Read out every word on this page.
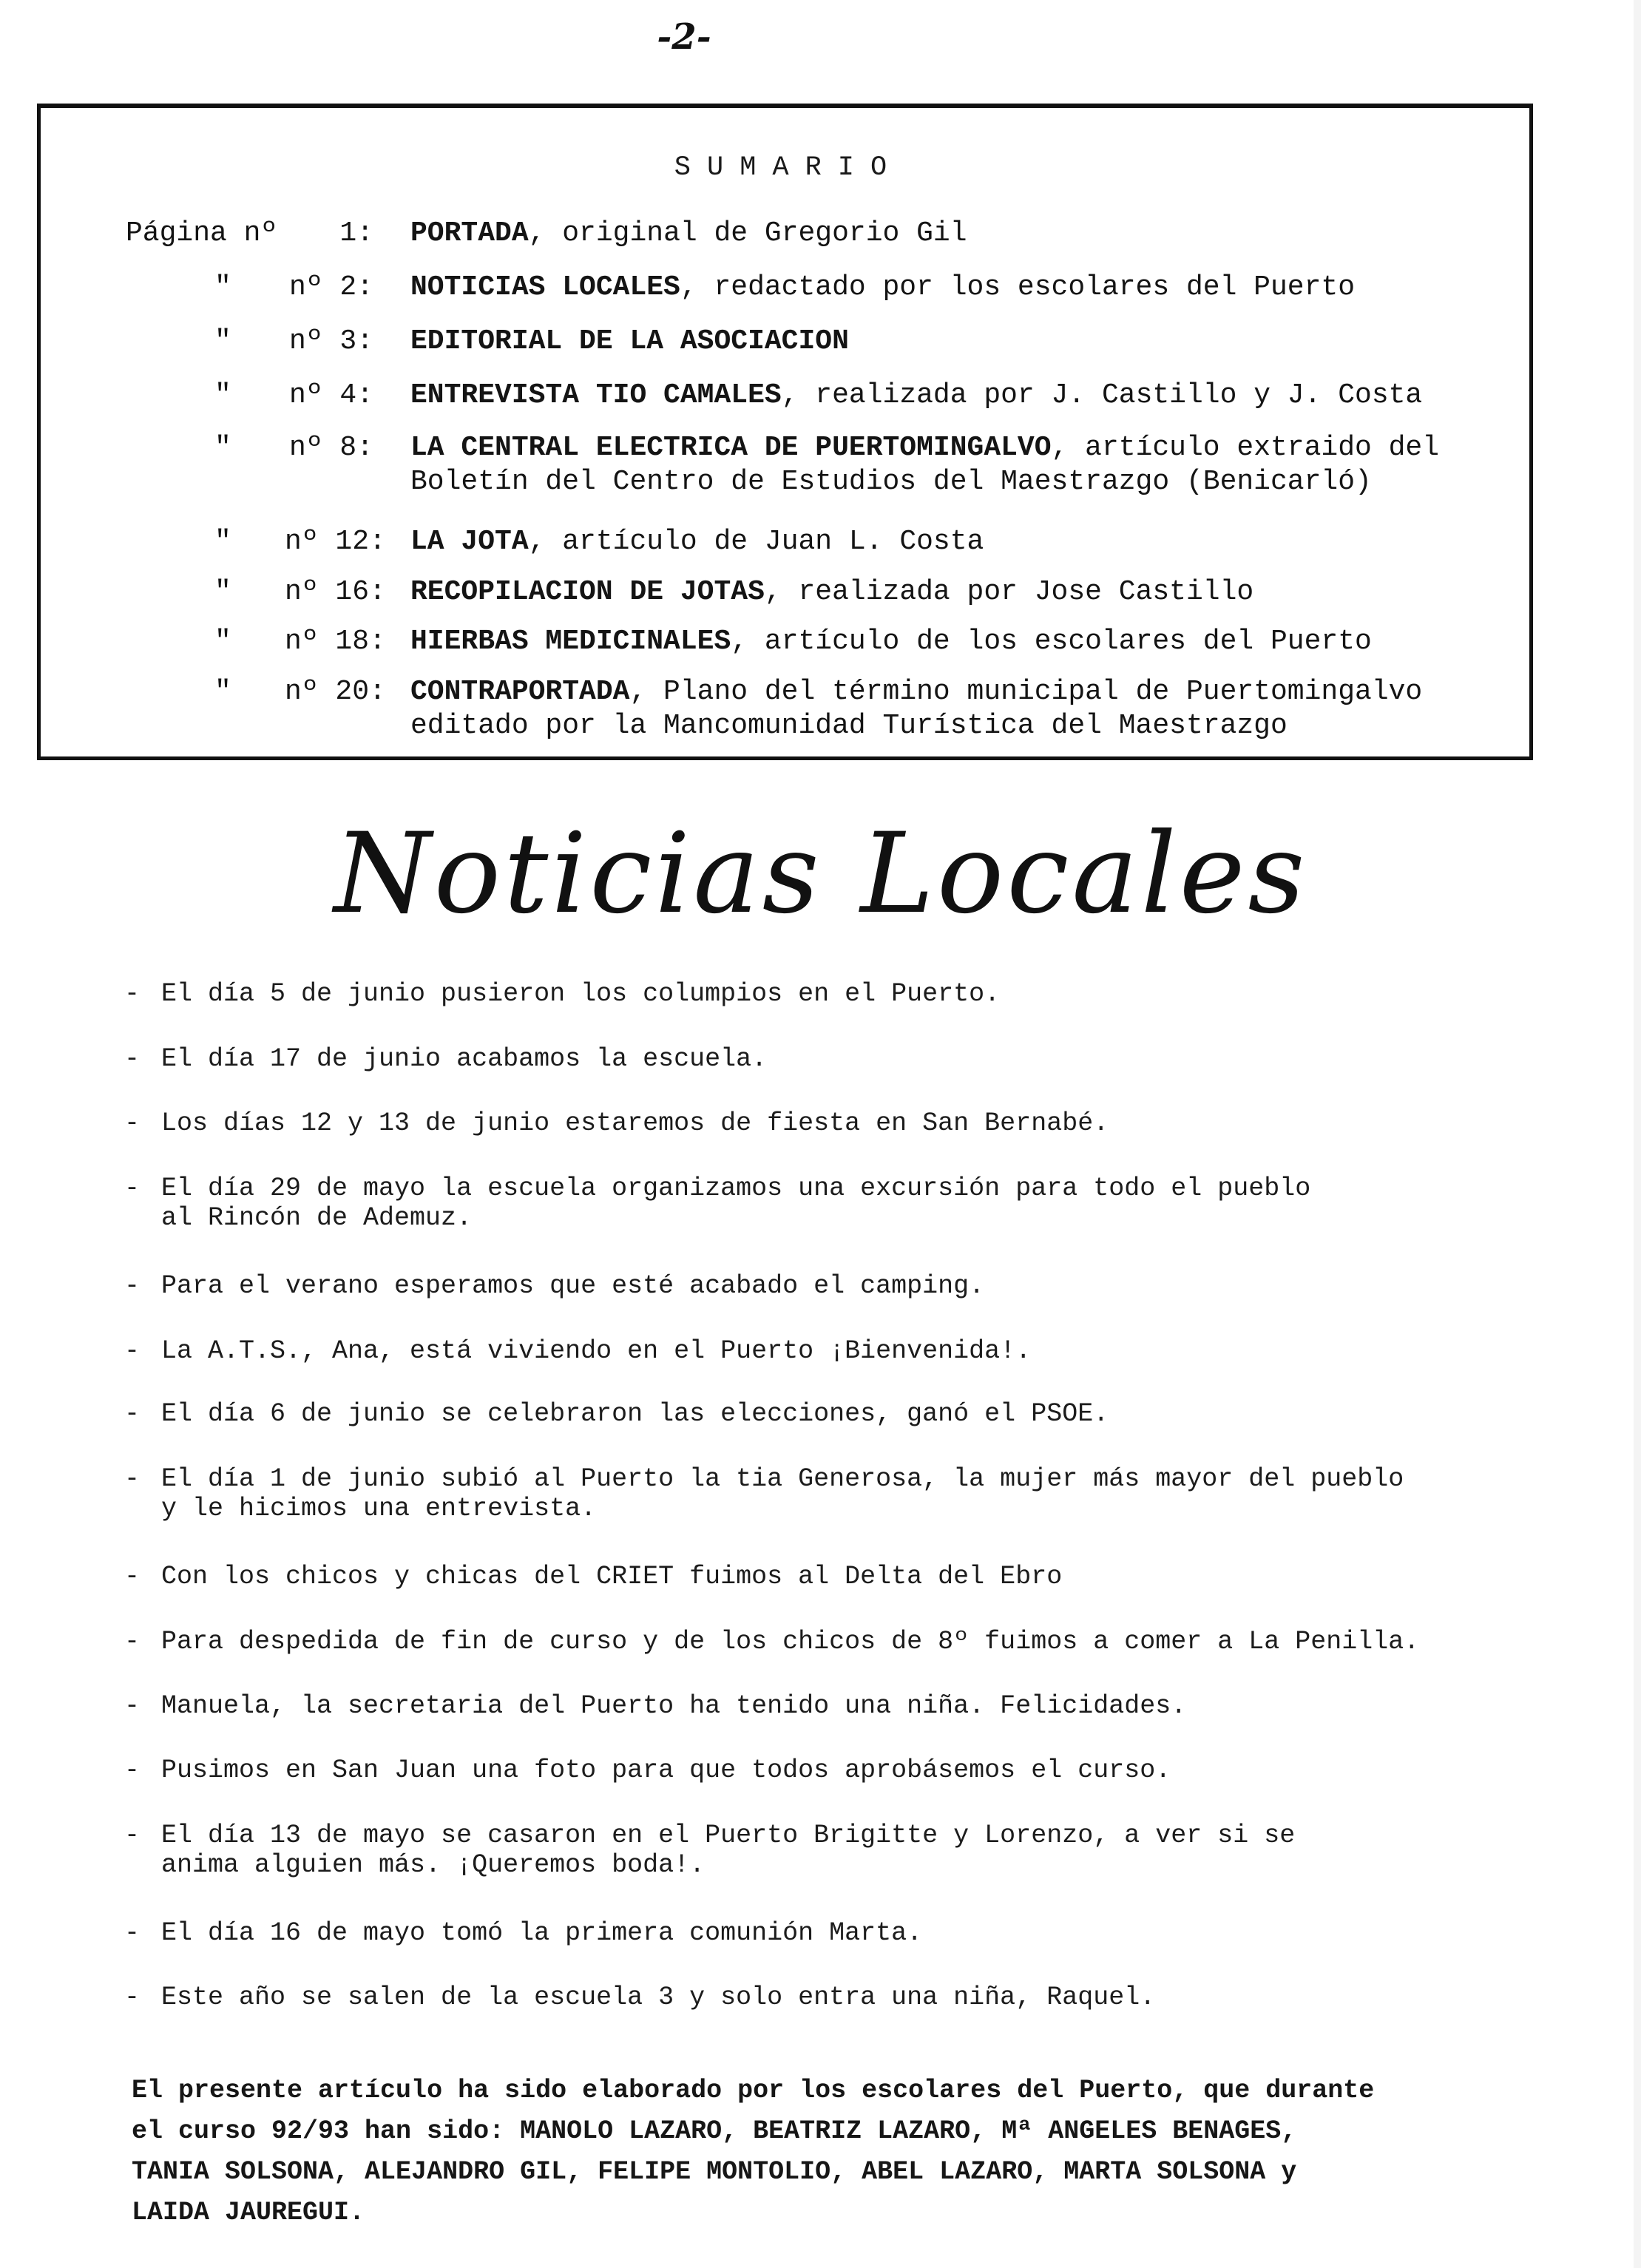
-2-
SUMARIO
Página nº	1: PORTADA, original de Gregorio Gil
" nº 2: NOTICIAS LOCALES, redactado por los escolares del Puerto
" nº 3: EDITORIAL DE LA ASOCIACION
" nº 4: ENTREVISTA TIO CAMALES, realizada por J. Castillo y J. Costa
" nº 8: LA CENTRAL ELECTRICA DE PUERTOMINGALVO, artículo extraido del
Boletín del Centro de Estudios del Maestrazgo (Benicarló)
" nº 12: LA JOTA, artículo de Juan L. Costa
" nº 16: RECOPILACION DE JOTAS, realizada por Jose Castillo
" nº 18: HIERBAS MEDICINALES, artículo de los escolares del Puerto
" nº 20: CONTRAPORTADA, Plano del término municipal de Puertomingalvo
editado por la Mancomunidad Turística del Maestrazgo
Noticias Locales

-

El día 5 de junio pusieron los columpios en el Puerto.

-

El día 17 de junio acabamos la escuela.

-

Los días 12 y 13 de junio estaremos de fiesta en San Bernabé.

-

El día 29 de mayo la escuela organizamos una excursión para todo el pueblo

al Rincón de Ademuz.

-

Para el verano esperamos que esté acabado el camping.

-

La A.T.S., Ana, está viviendo en el Puerto ¡Bienvenida!.

-

El día 6 de junio se celebraron las elecciones, ganó el PSOE.

-

El día 1 de junio subió al Puerto la tia Generosa, la mujer más mayor del pueblo

y le hicimos una entrevista.

-

Con los chicos y chicas del CRIET fuimos al Delta del Ebro

-

Para despedida de fin de curso y de los chicos de 8º fuimos a comer a La Penilla.

-

Manuela, la secretaria del Puerto ha tenido una niña. Felicidades.

-

Pusimos en San Juan una foto para que todos aprobásemos el curso.

-

El día 13 de mayo se casaron en el Puerto Brigitte y Lorenzo, a ver si se

anima alguien más. ¡Queremos boda!.

-

El día 16 de mayo tomó la primera comunión Marta.

-

Este año se salen de la escuela 3 y solo entra una niña, Raquel.

El presente artículo ha sido elaborado por los escolares del Puerto, que durante
el curso 92/93 han sido: MANOLO LAZARO, BEATRIZ LAZARO, Mª ANGELES BENAGES,
TANIA SOLSONA, ALEJANDRO GIL, FELIPE MONTOLIO, ABEL LAZARO, MARTA SOLSONA y
LAIDA JAUREGUI.
